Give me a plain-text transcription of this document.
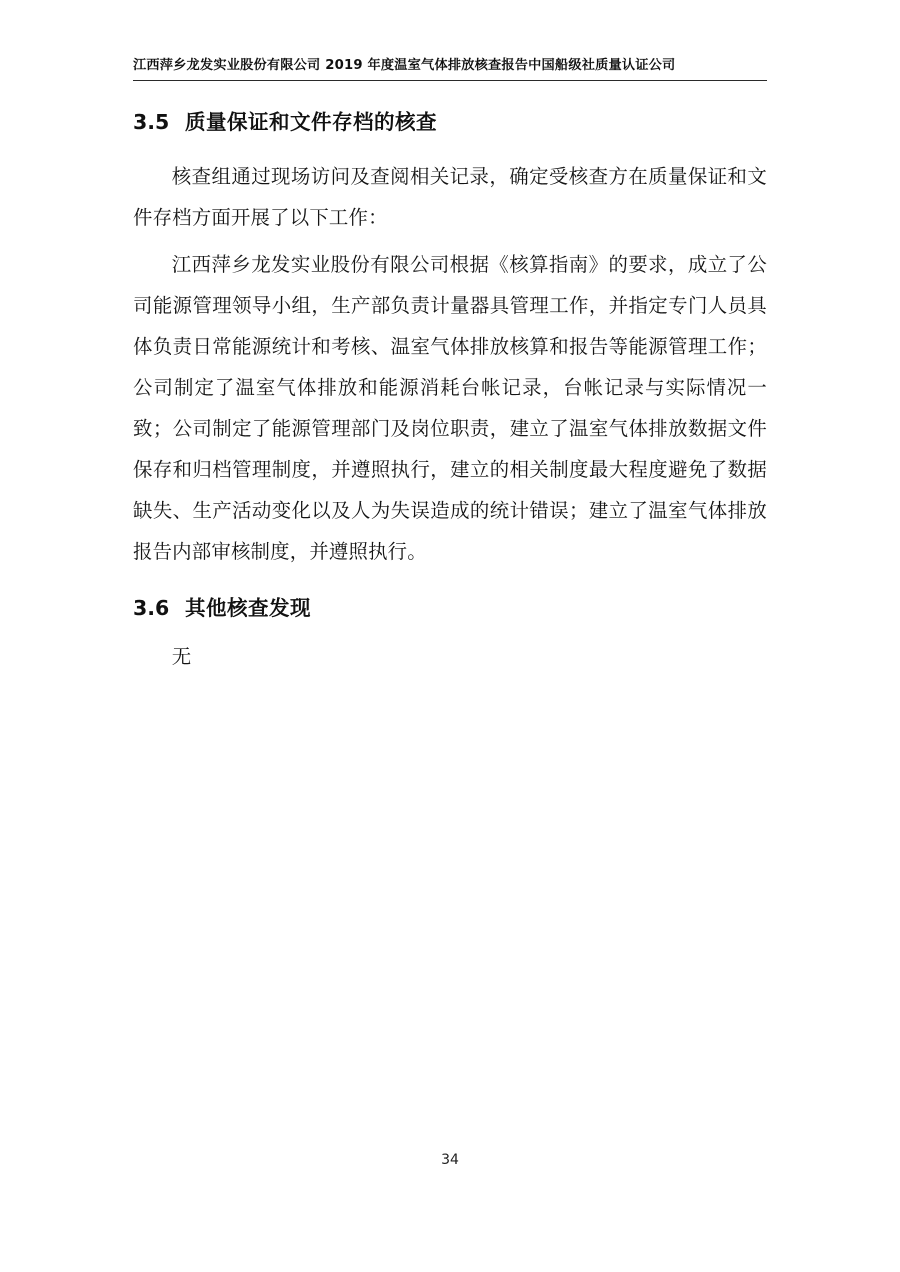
江西萍乡龙发实业股份有限公司 2019 年度温室气体排放核查报告中国船级社质量认证公司
3.5 质量保证和文件存档的核查

核查组通过现场访问及查阅相关记录，确定受核查方在质量保证和文件存档方面开展了以下工作：

江西萍乡龙发实业股份有限公司根据《核算指南》的要求，成立了公司能源管理领导小组，生产部负责计量器具管理工作，并指定专门人员具体负责日常能源统计和考核、温室气体排放核算和报告等能源管理工作；公司制定了温室气体排放和能源消耗台帐记录，台帐记录与实际情况一致；公司制定了能源管理部门及岗位职责，建立了温室气体排放数据文件保存和归档管理制度，并遵照执行，建立的相关制度最大程度避免了数据缺失、生产活动变化以及人为失误造成的统计错误；建立了温室气体排放报告内部审核制度，并遵照执行。

3.6 其他核查发现

无

34
